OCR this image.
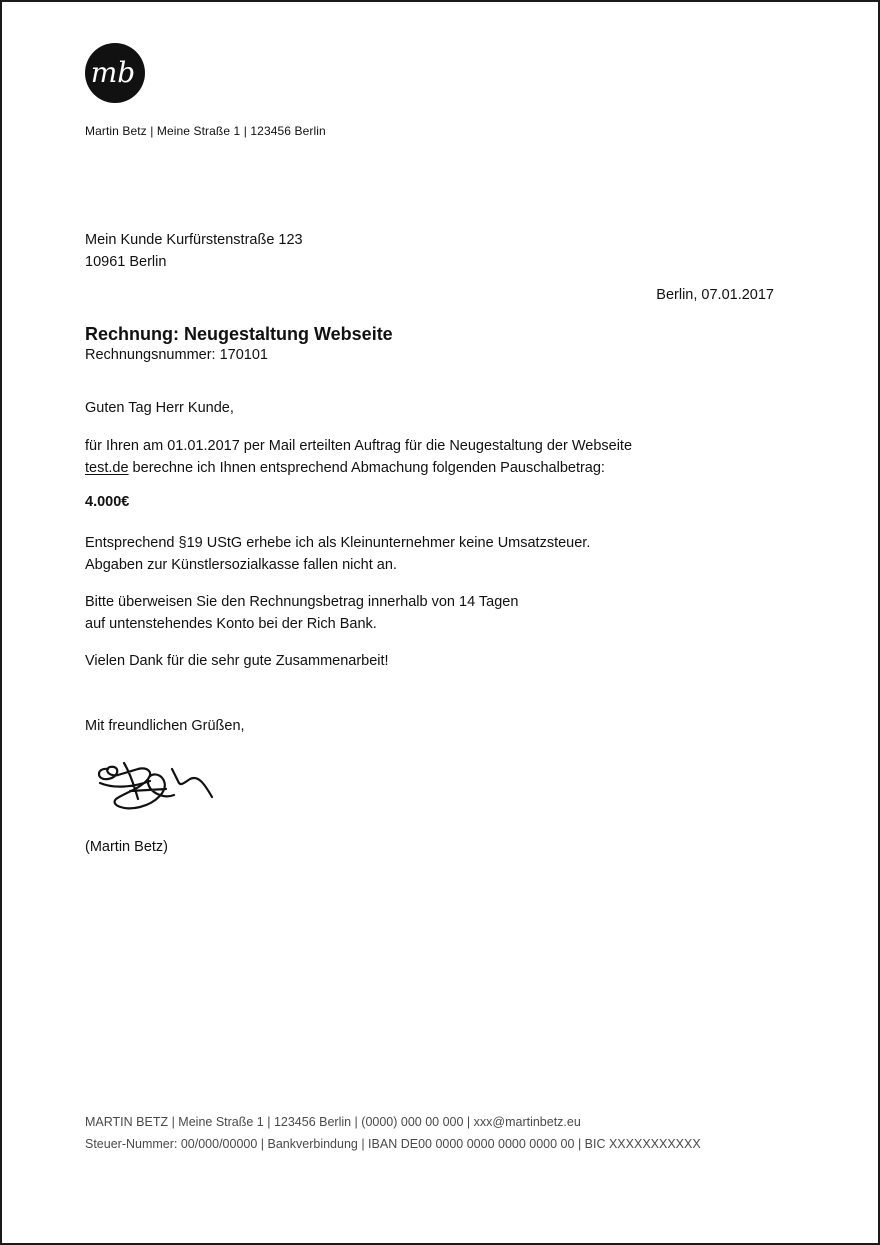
mb
Martin Betz | Meine Straße 1 | 123456 Berlin
Mein Kunde Kurfürstenstraße 123
10961 Berlin
Berlin, 07.01.2017
Rechnung: Neugestaltung Webseite
Rechnungsnummer: 170101
Guten Tag Herr Kunde,
für Ihren am 01.01.2017 per Mail erteilten Auftrag für die Neugestaltung der Webseite
test.de berechne ich Ihnen entsprechend Abmachung folgenden Pauschalbetrag:
4.000€
Entsprechend §19 UStG erhebe ich als Kleinunternehmer keine Umsatzsteuer.
Abgaben zur Künstlersozialkasse fallen nicht an.
Bitte überweisen Sie den Rechnungsbetrag innerhalb von 14 Tagen
auf untenstehendes Konto bei der Rich Bank.
Vielen Dank für die sehr gute Zusammenarbeit!
Mit freundlichen Grüßen,
(Martin Betz)
MARTIN BETZ | Meine Straße 1 | 123456 Berlin | (0000) 000 00 000 | xxx@martinbetz.eu
Steuer-Nummer: 00/000/00000 | Bankverbindung | IBAN DE00 0000 0000 0000 0000 00 | BIC XXXXXXXXXXX
